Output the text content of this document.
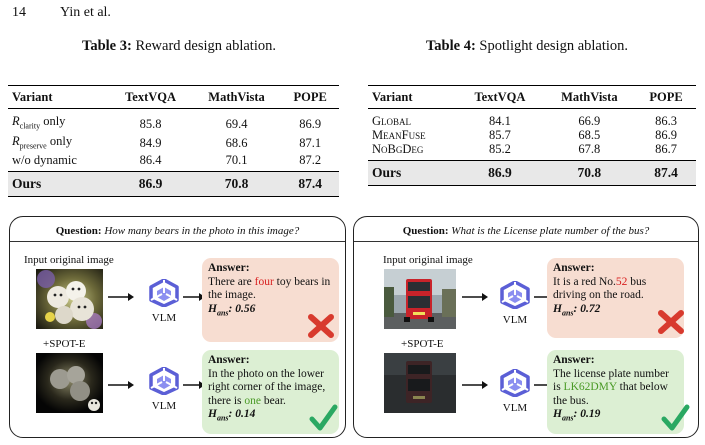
14 Yin et al.
Table 3: Reward design ablation.	Table 4: Spotlight design ablation.
Variant	TextVQA	MathVista	POPE
$R_{clarity}$ only	85.8	69.4	86.9
$R_{preserve}$ only	84.9	68.6	87.1
w/o dynamic	86.4	70.1	87.2
Ours	86.9	70.8	87.4
Variant	TextVQA	MathVista	POPE
Global	84.1	66.9	86.3
MeanFuse	85.7	68.5	86.9
NoBgDeg	85.2	67.8	86.7
Ours	86.9	70.8	87.4
Question: How many bears in the photo in this image?
Input original image
VLM
Answer:
There are four toy bears in the image.
$H_{ans}$: 0.56
+SPOT-E
VLM
Answer:
In the photo on the lower right corner of the image, there is one bear.
$H_{ans}$: 0.14
Question: What is the License plate number of the bus?
Input original image
VLM
Answer:
It is a red No.52 bus driving on the road.
$H_{ans}$: 0.72
+SPOT-E
VLM
Answer:
The license plate number is LK62DMY that below the bus.
$H_{ans}$: 0.19
